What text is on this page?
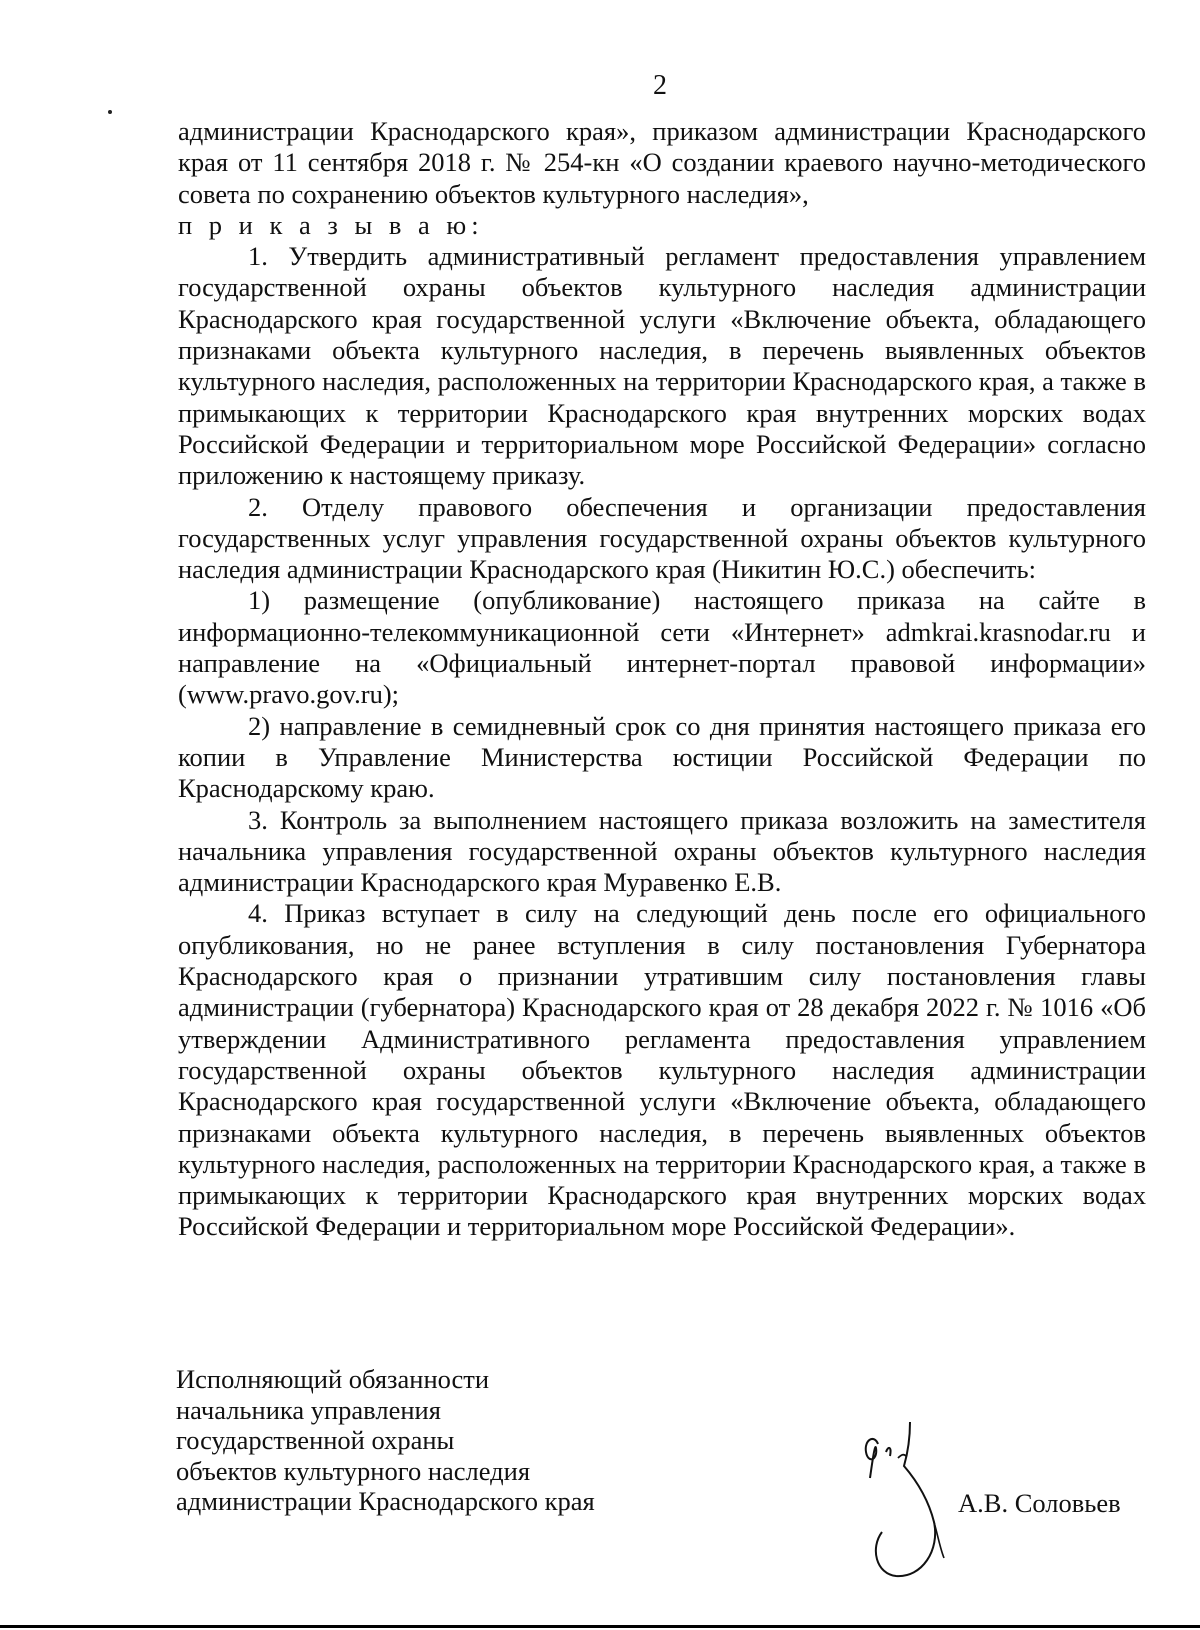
2

администрации Краснодарского края», приказом администрации Краснодарского края от 11 сентября 2018 г. № 254-кн «О создании краевого научно-методического совета по сохранению объектов культурного наследия»,

п р и к а з ы в а ю:

1. Утвердить административный регламент предоставления управлением государственной охраны объектов культурного наследия администрации Краснодарского края государственной услуги «Включение объекта, обладающего признаками объекта культурного наследия, в перечень выявленных объектов культурного наследия, расположенных на территории Краснодарского края, а также в примыкающих к территории Краснодарского края внутренних морских водах Российской Федерации и территориальном море Российской Федерации» согласно приложению к настоящему приказу.

2. Отделу правового обеспечения и организации предоставления государственных услуг управления государственной охраны объектов культурного наследия администрации Краснодарского края (Никитин Ю.С.) обеспечить:

1) размещение (опубликование) настоящего приказа на сайте в информационно-телекоммуникационной сети «Интернет» admkrai.krasnodar.ru и направление на «Официальный интернет-портал правовой информации» (www.pravo.gov.ru);

2) направление в семидневный срок со дня принятия настоящего приказа его копии в Управление Министерства юстиции Российской Федерации по Краснодарскому краю.

3. Контроль за выполнением настоящего приказа возложить на заместителя начальника управления государственной охраны объектов культурного наследия администрации Краснодарского края Муравенко Е.В.

4. Приказ вступает в силу на следующий день после его официального опубликования, но не ранее вступления в силу постановления Губернатора Краснодарского края о признании утратившим силу постановления главы администрации (губернатора) Краснодарского края от 28 декабря 2022 г. № 1016 «Об утверждении Административного регламента предоставления управлением государственной охраны объектов культурного наследия администрации Краснодарского края государственной услуги «Включение объекта, обладающего признаками объекта культурного наследия, в перечень выявленных объектов культурного наследия, расположенных на территории Краснодарского края, а также в примыкающих к территории Краснодарского края внутренних морских водах Российской Федерации и территориальном море Российской Федерации».

Исполняющий обязанности
начальника управления
государственной охраны
объектов культурного наследия
администрации Краснодарского края	А.В. Соловьев
